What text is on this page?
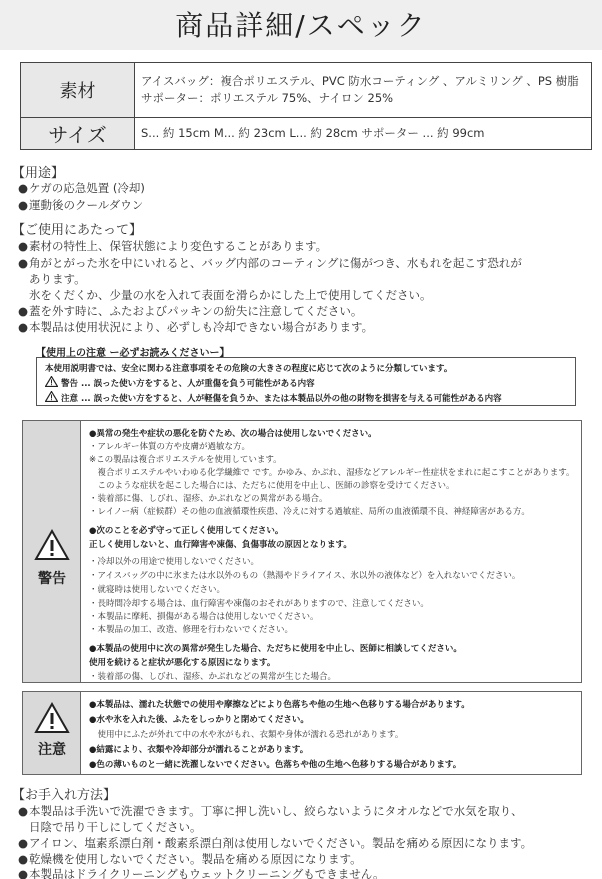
商品詳細/スペック
素材	アイスバッグ：複合ポリエステル、PVC 防水コーティング 、アルミリング 、PS 樹脂
サポーター：ポリエステル 75%、ナイロン 25%

サイズ	S... 約 15cm M... 約 23cm L... 約 28cm サポーター ... 約 99cm
【用途】
●ケガの応急処置 (冷却)
●運動後のクールダウン
【ご使用にあたって】
●素材の特性上、保管状態により変色することがあります。
●角がとがった氷を中にいれると、バッグ内部のコーティングに傷がつき、水もれを起こす恐れが
あります。
氷をくだくか、少量の水を入れて表面を滑らかにした上で使用してください。
●蓋を外す時に、ふたおよびパッキンの紛失に注意してください。
●本製品は使用状況により、必ずしも冷却できない場合があります。
【使用上の注意 ー必ずお読みくださいー】
本使用説明書では、安全に関わる注意事項をその危険の大きさの程度に応じて次のように分類しています。
警告 ... 誤った使い方をすると、人が重傷を負う可能性がある内容
注意 ... 誤った使い方をすると、人が軽傷を負うか、または本製品以外の他の財物を損害を与える可能性がある内容
警告
●異常の発生や症状の悪化を防ぐため、次の場合は使用しないでください。
・アレルギー体質の方や皮膚が過敏な方。
※この製品は複合ポリエステルを使用しています。
　複合ポリエステルやいわゆる化学繊維で です。かゆみ、かぶれ、湿疹などアレルギー性症状をまれに起こすことがあります。
　このような症状を起こした場合には、ただちに使用を中止し、医師の診察を受けてください。
・装着部に傷、しびれ、湿疹、かぶれなどの異常がある場合。
・レイノー病（症候群）その他の血液循環性疾患、冷えに対する過敏症、局所の血液循環不良、神経障害がある方。
●次のことを必ず守って正しく使用してください。
正しく使用しないと、血行障害や凍傷、負傷事故の原因となります。
・冷却以外の用途で使用しないでください。
・アイスバッグの中に氷または水以外のもの（熱湯やドライアイス、氷以外の液体など）を入れないでください。
・就寝時は使用しないでください。
・長時間冷却する場合は、血行障害や凍傷のおそれがありますので、注意してください。
・本製品に摩耗、損傷がある場合は使用しないでください。
・本製品の加工、改造、修理を行わないでください。
●本製品の使用中に次の異常が発生した場合、ただちに使用を中止し、医師に相談してください。
使用を続けると症状が悪化する原因になります。
・装着部の傷、しびれ、湿疹、かぶれなどの異常が生じた場合。
注意
●本製品は、濡れた状態での使用や摩擦などにより色落ちや他の生地へ色移りする場合があります。
●水や氷を入れた後、ふたをしっかりと閉めてください。
　使用中にふたが外れて中の水や氷がもれ、衣類や身体が濡れる恐れがあります。
●結露により、衣類や冷却部分が濡れることがあります。
●色の薄いものと一緒に洗濯しないでください。色落ちや他の生地へ色移りする場合があります。
【お手入れ方法】
●本製品は手洗いで洗濯できます。丁寧に押し洗いし、絞らないようにタオルなどで水気を取り、
日陰で吊り干しにしてください。
●アイロン、塩素系漂白剤・酸素系漂白剤は使用しないでください。製品を痛める原因になります。
●乾燥機を使用しないでください。製品を痛める原因になります。
●本製品はドライクリーニングもウェットクリーニングもできません。
